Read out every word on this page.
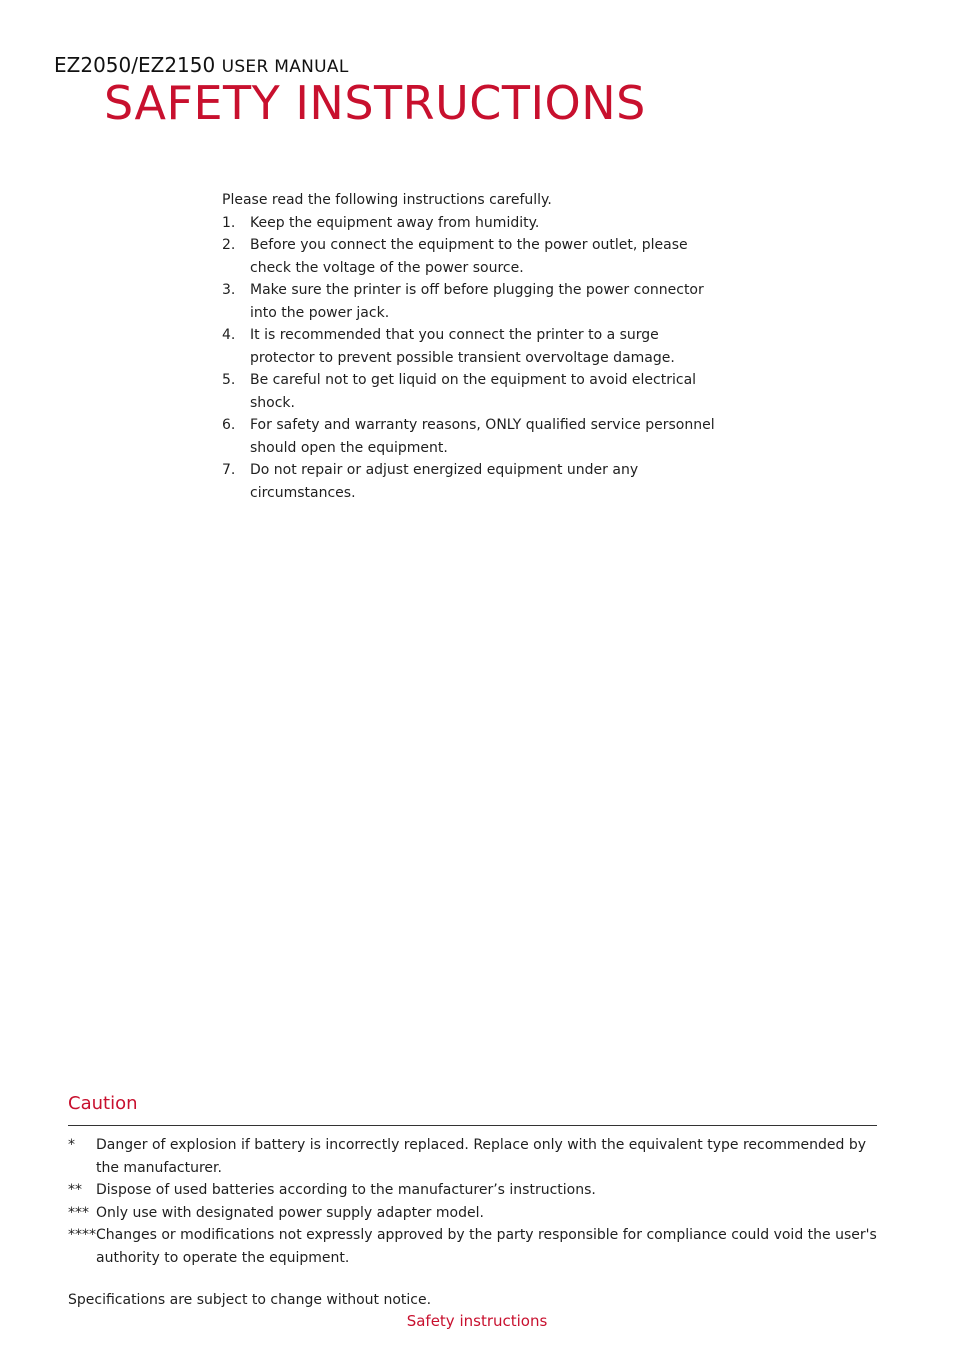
EZ2050/EZ2150 USER MANUAL
SAFETY INSTRUCTIONS

Please read the following instructions carefully.

1. Keep the equipment away from humidity.
2. Before you connect the equipment to the power outlet, please check the voltage of the power source.
3. Make sure the printer is off before plugging the power connector into the power jack.
4. It is recommended that you connect the printer to a surge protector to prevent possible transient overvoltage damage.
5. Be careful not to get liquid on the equipment to avoid electrical shock.
6. For safety and warranty reasons, ONLY qualified service personnel should open the equipment.
7. Do not repair or adjust energized equipment under any circumstances.
Caution
* Danger of explosion if battery is incorrectly replaced. Replace only with the equivalent type recommended by the manufacturer.
** Dispose of used batteries according to the manufacturer’s instructions.
*** Only use with designated power supply adapter model.
**** Changes or modifications not expressly approved by the party responsible for compliance could void the user's authority to operate the equipment.

Specifications are subject to change without notice.

Safety instructions
